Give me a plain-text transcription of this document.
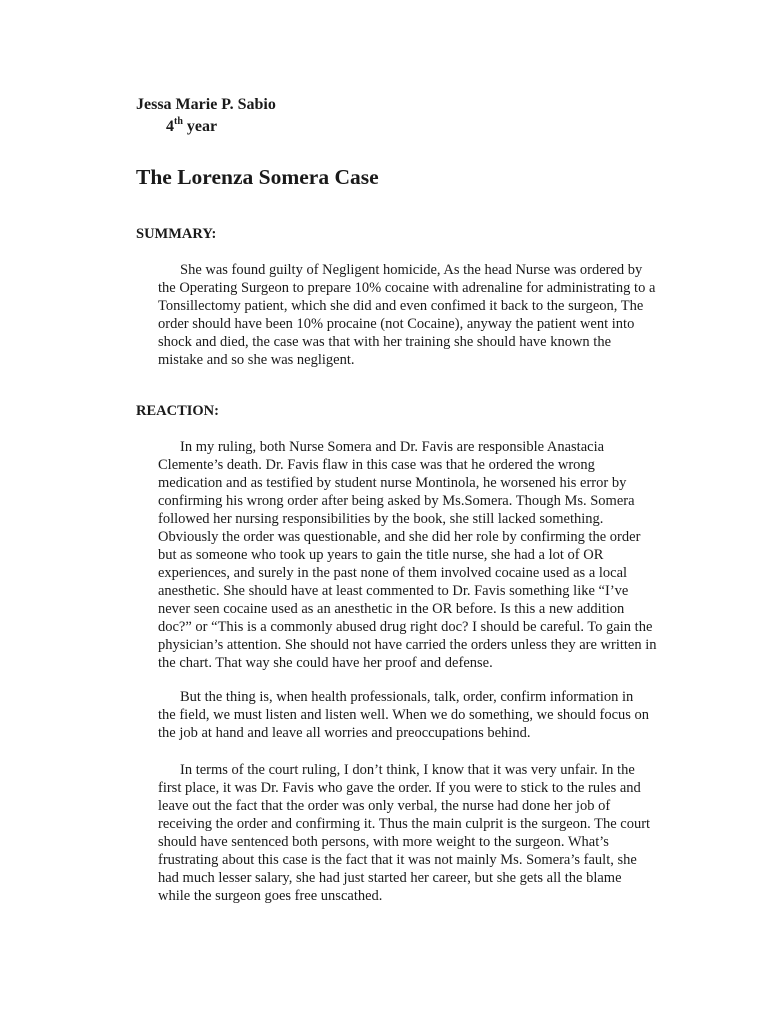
Jessa Marie P. Sabio
4th year
The Lorenza Somera Case
SUMMARY:
She was found guilty of Negligent homicide, As the head Nurse was ordered by
the Operating Surgeon to prepare 10% cocaine with adrenaline for administrating to a
Tonsillectomy patient, which she did and even confimed it back to the surgeon, The
order should have been 10% procaine (not Cocaine), anyway the patient went into
shock and died, the case was that with her training she should have known the
mistake and so she was negligent.
REACTION:
In my ruling, both Nurse Somera and Dr. Favis are responsible Anastacia
Clemente’s death. Dr. Favis flaw in this case was that he ordered the wrong
medication and as testified by student nurse Montinola, he worsened his error by
confirming his wrong order after being asked by Ms.Somera. Though Ms. Somera
followed her nursing responsibilities by the book, she still lacked something.
Obviously the order was questionable, and she did her role by confirming the order
but as someone who took up years to gain the title nurse, she had a lot of OR
experiences, and surely in the past none of them involved cocaine used as a local
anesthetic. She should have at least commented to Dr. Favis something like “I’ve
never seen cocaine used as an anesthetic in the OR before. Is this a new addition
doc?” or “This is a commonly abused drug right doc? I should be careful. To gain the
physician’s attention. She should not have carried the orders unless they are written in
the chart. That way she could have her proof and defense.
But the thing is, when health professionals, talk, order, confirm information in
the field, we must listen and listen well. When we do something, we should focus on
the job at hand and leave all worries and preoccupations behind.
In terms of the court ruling, I don’t think, I know that it was very unfair. In the
first place, it was Dr. Favis who gave the order. If you were to stick to the rules and
leave out the fact that the order was only verbal, the nurse had done her job of
receiving the order and confirming it. Thus the main culprit is the surgeon. The court
should have sentenced both persons, with more weight to the surgeon. What’s
frustrating about this case is the fact that it was not mainly Ms. Somera’s fault, she
had much lesser salary, she had just started her career, but she gets all the blame
while the surgeon goes free unscathed.
